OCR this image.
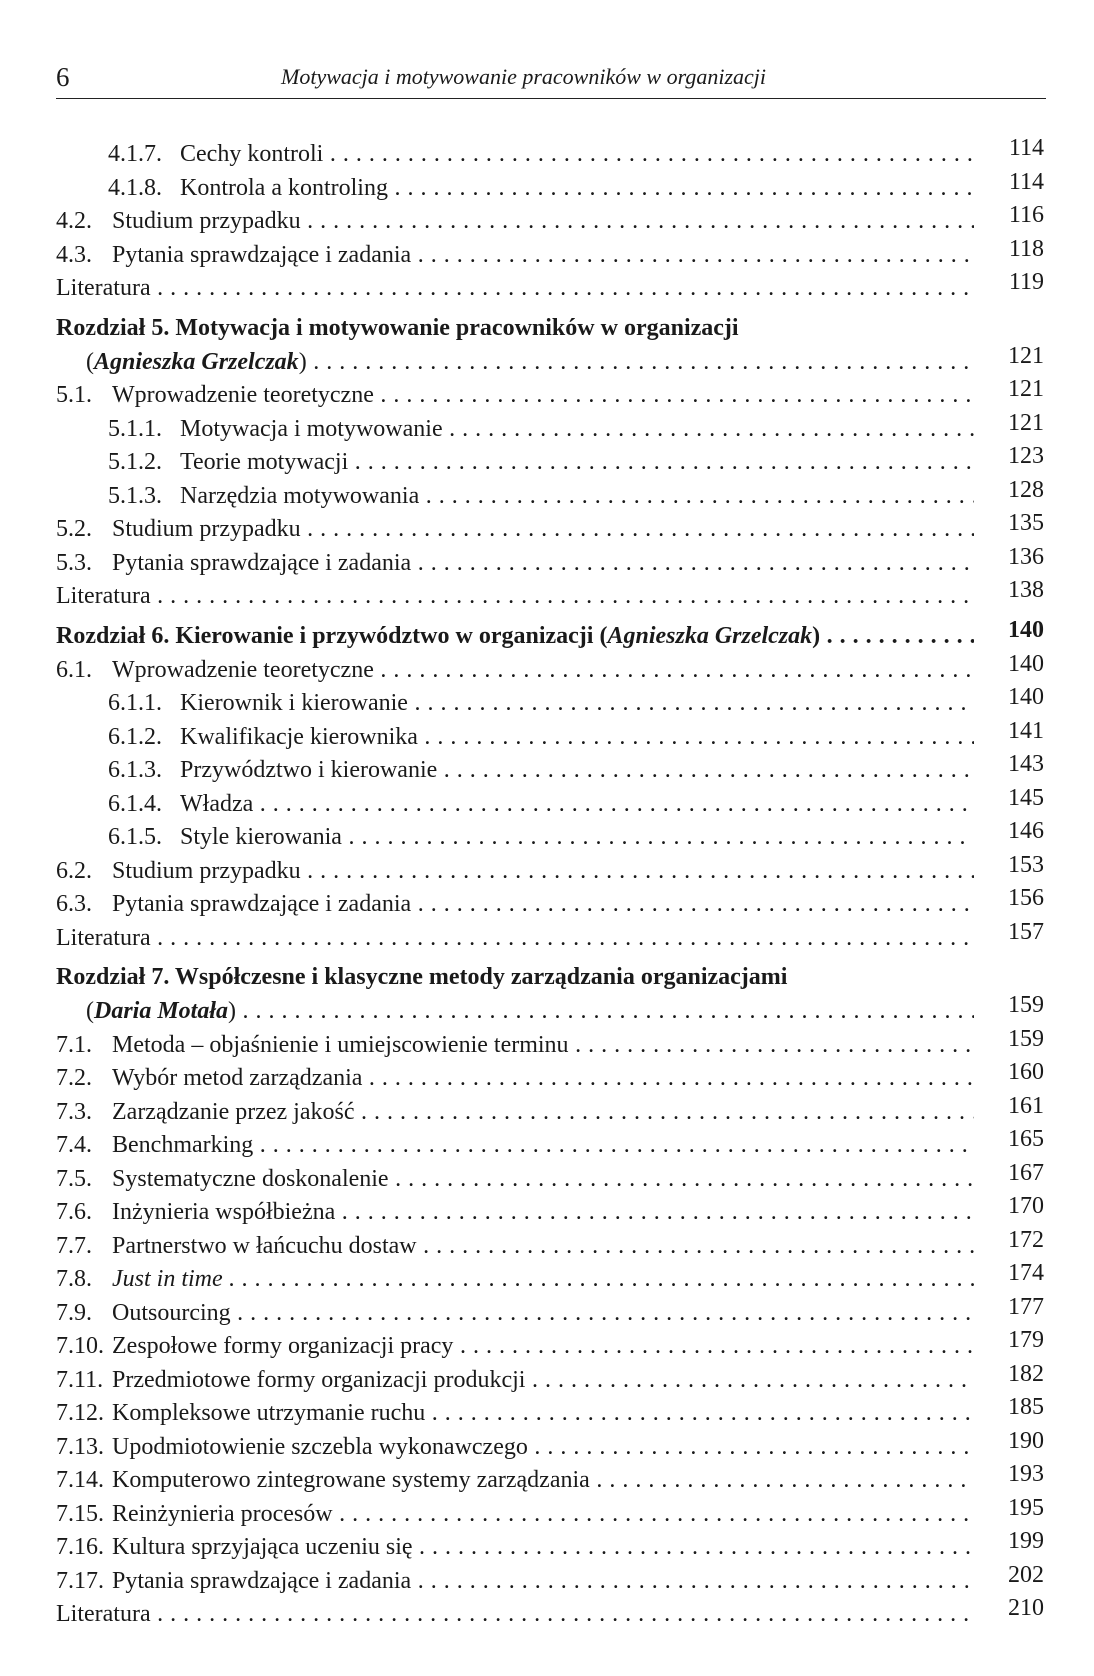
6	Motywacja i motywowanie pracowników w organizacji
4.1.7. Cechy kontroli . . .	114
4.1.8. Kontrola a kontroling . . .	114
4.2. Studium przypadku . . .	116
4.3. Pytania sprawdzające i zadania . . .	118
Literatura . . .	119
Rozdział 5. Motywacja i motywowanie pracowników w organizacji
(Agnieszka Grzelczak) . . .	121
5.1. Wprowadzenie teoretyczne . . .	121
5.1.1. Motywacja i motywowanie . . .	121
5.1.2. Teorie motywacji . . .	123
5.1.3. Narzędzia motywowania . . .	128
5.2. Studium przypadku . . .	135
5.3. Pytania sprawdzające i zadania . . .	136
Literatura . . .	138
Rozdział 6. Kierowanie i przywództwo w organizacji (Agnieszka Grzelczak) . . .	140
6.1. Wprowadzenie teoretyczne . . .	140
6.1.1. Kierownik i kierowanie . . .	140
6.1.2. Kwalifikacje kierownika . . .	141
6.1.3. Przywództwo i kierowanie . . .	143
6.1.4. Władza . . .	145
6.1.5. Style kierowania . . .	146
6.2. Studium przypadku . . .	153
6.3. Pytania sprawdzające i zadania . . .	156
Literatura . . .	157
Rozdział 7. Współczesne i klasyczne metody zarządzania organizacjami
(Daria Motała) . . .	159
7.1. Metoda – objaśnienie i umiejscowienie terminu . . .	159
7.2. Wybór metod zarządzania . . .	160
7.3. Zarządzanie przez jakość . . .	161
7.4. Benchmarking . . .	165
7.5. Systematyczne doskonalenie . . .	167
7.6. Inżynieria współbieżna . . .	170
7.7. Partnerstwo w łańcuchu dostaw . . .	172
7.8. Just in time . . .	174
7.9. Outsourcing . . .	177
7.10. Zespołowe formy organizacji pracy . . .	179
7.11. Przedmiotowe formy organizacji produkcji . . .	182
7.12. Kompleksowe utrzymanie ruchu . . .	185
7.13. Upodmiotowienie szczebla wykonawczego . . .	190
7.14. Komputerowo zintegrowane systemy zarządzania . . .	193
7.15. Reinżynieria procesów . . .	195
7.16. Kultura sprzyjająca uczeniu się . . .	199
7.17. Pytania sprawdzające i zadania . . .	202
Literatura . . .	210
